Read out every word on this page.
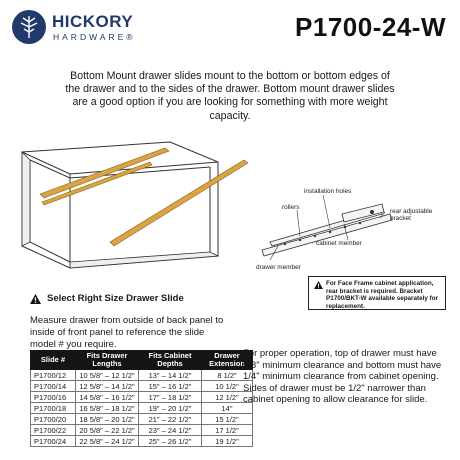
HICKORY
HARDWARE®	P1700-24-W
Bottom Mount drawer slides mount to the bottom or bottom edges of the drawer and to the sides of the drawer. Bottom mount drawer slides are a good option if you are looking for something with more weight capacity.
installation holes
rollers
rear adjustable bracket
cabinet member
drawer member
For Face Frame cabinet application, rear bracket is required. Bracket P1700/BKT-W available separately for replacement.
Select Right Size Drawer Slide
Measure drawer from outside of back panel to inside of front panel to reference the slide model # you require.
Slide #	Fits Drawer Lengths	Fits Cabinet Depths	Drawer Extension
P1700/12	10 5/8" – 12 1/2"	13" – 14 1/2"	8 1/2"
P1700/14	12 5/8" – 14 1/2"	15" – 16 1/2"	10 1/2"
P1700/16	14 5/8" – 16 1/2"	17" – 18 1/2"	12 1/2"
P1700/18	16 5/8" – 18 1/2"	19" – 20 1/2"	14"
P1700/20	18 5/8" – 20 1/2"	21" – 22 1/2"	15 1/2"
P1700/22	20 5/8" – 22 1/2"	23" – 24 1/2"	17 1/2"
P1700/24	22 5/8" – 24 1/2"	25" – 26 1/2"	19 1/2"
For proper operation, top of drawer must have 5/8" minimum clearance and bottom must have 1/4" minimum clearance from cabinet opening. Sides of drawer must be 1/2" narrower than cabinet opening to allow clearance for slide.
